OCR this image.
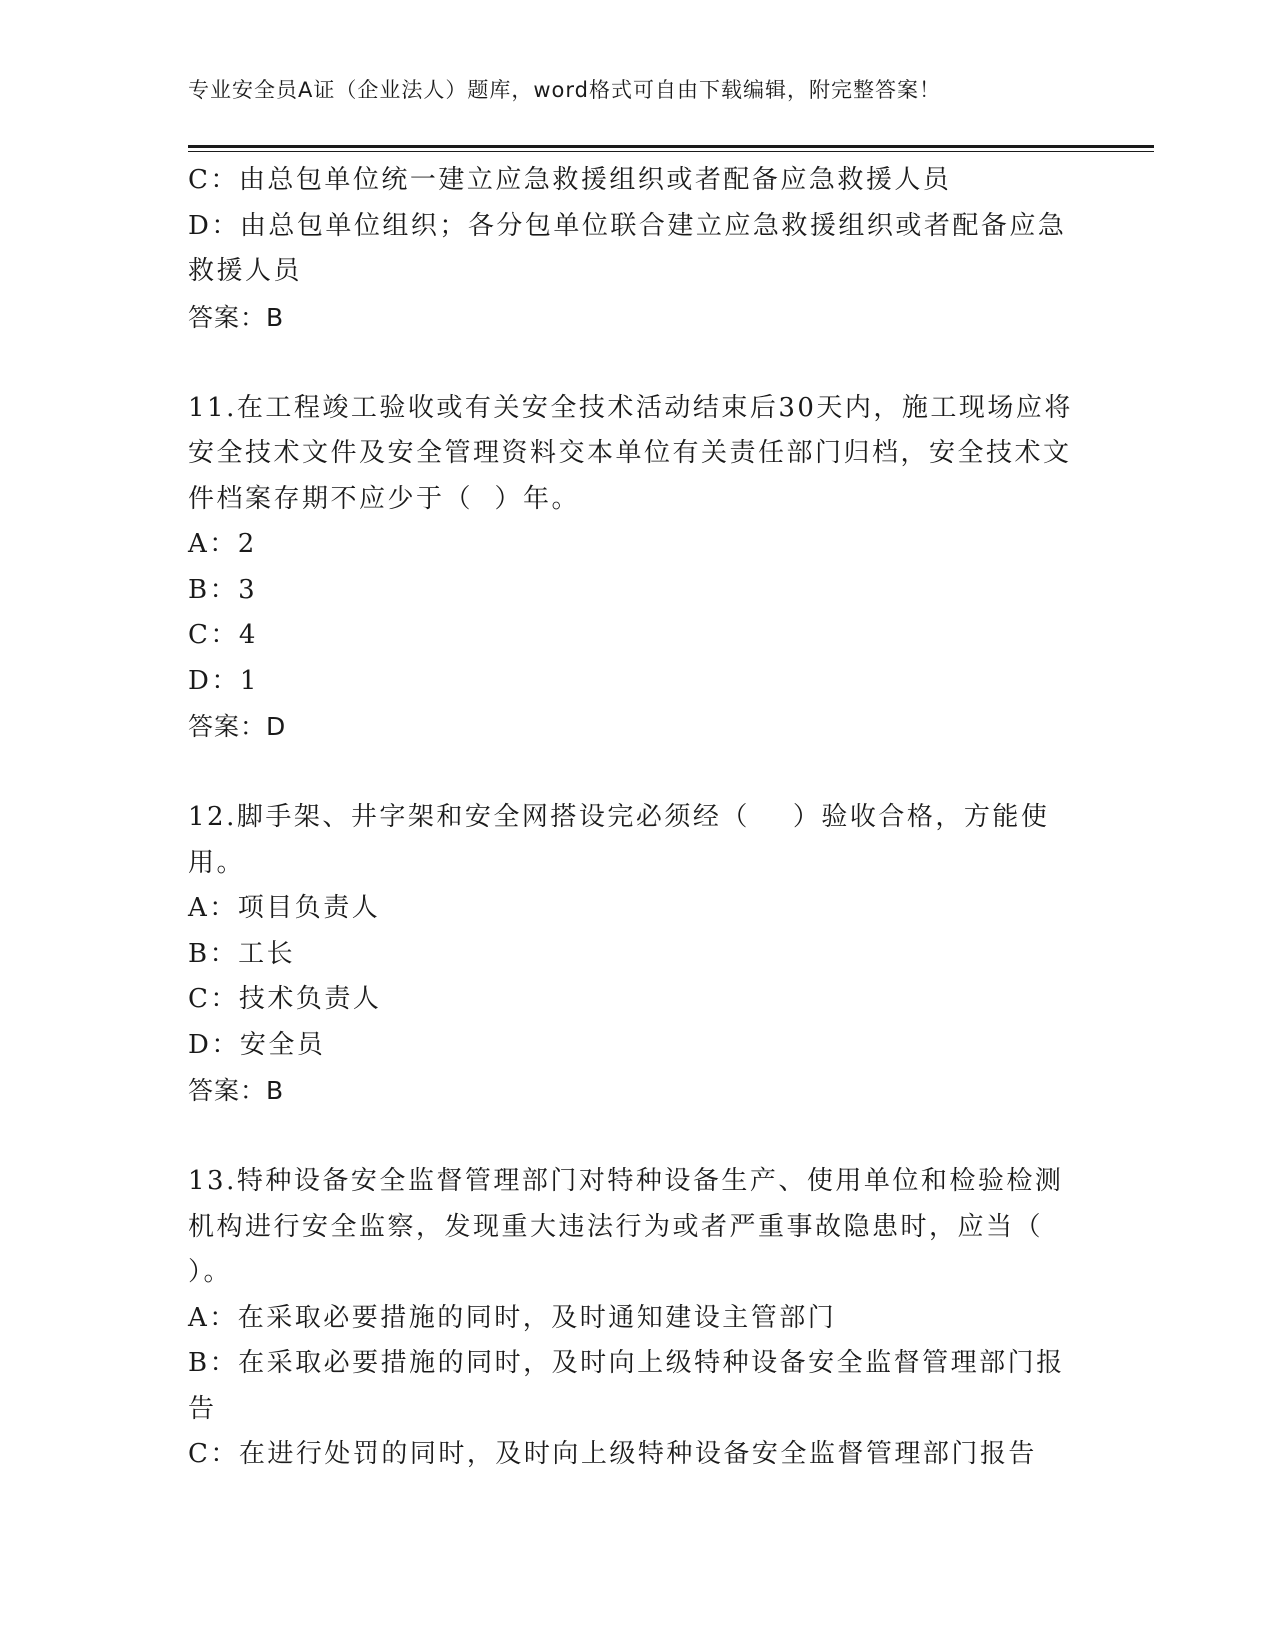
专业安全员A证（企业法人）题库，word格式可自由下载编辑，附完整答案！
C：由总包单位统一建立应急救援组织或者配备应急救援人员
D：由总包单位组织；各分包单位联合建立应急救援组织或者配备应急救援人员
答案：B
11.在工程竣工验收或有关安全技术活动结束后30天内，施工现场应将安全技术文件及安全管理资料交本单位有关责任部门归档，安全技术文件档案存期不应少于（  ）年。
A：2
B：3
C：4
D：1
答案：D
12.脚手架、井字架和安全网搭设完必须经（    ）验收合格，方能使用。
A：项目负责人
B：工长
C：技术负责人
D：安全员
答案：B
13.特种设备安全监督管理部门对特种设备生产、使用单位和检验检测机构进行安全监察，发现重大违法行为或者严重事故隐患时，应当（  ）。
A：在采取必要措施的同时，及时通知建设主管部门
B：在采取必要措施的同时，及时向上级特种设备安全监督管理部门报告
C：在进行处罚的同时，及时向上级特种设备安全监督管理部门报告
